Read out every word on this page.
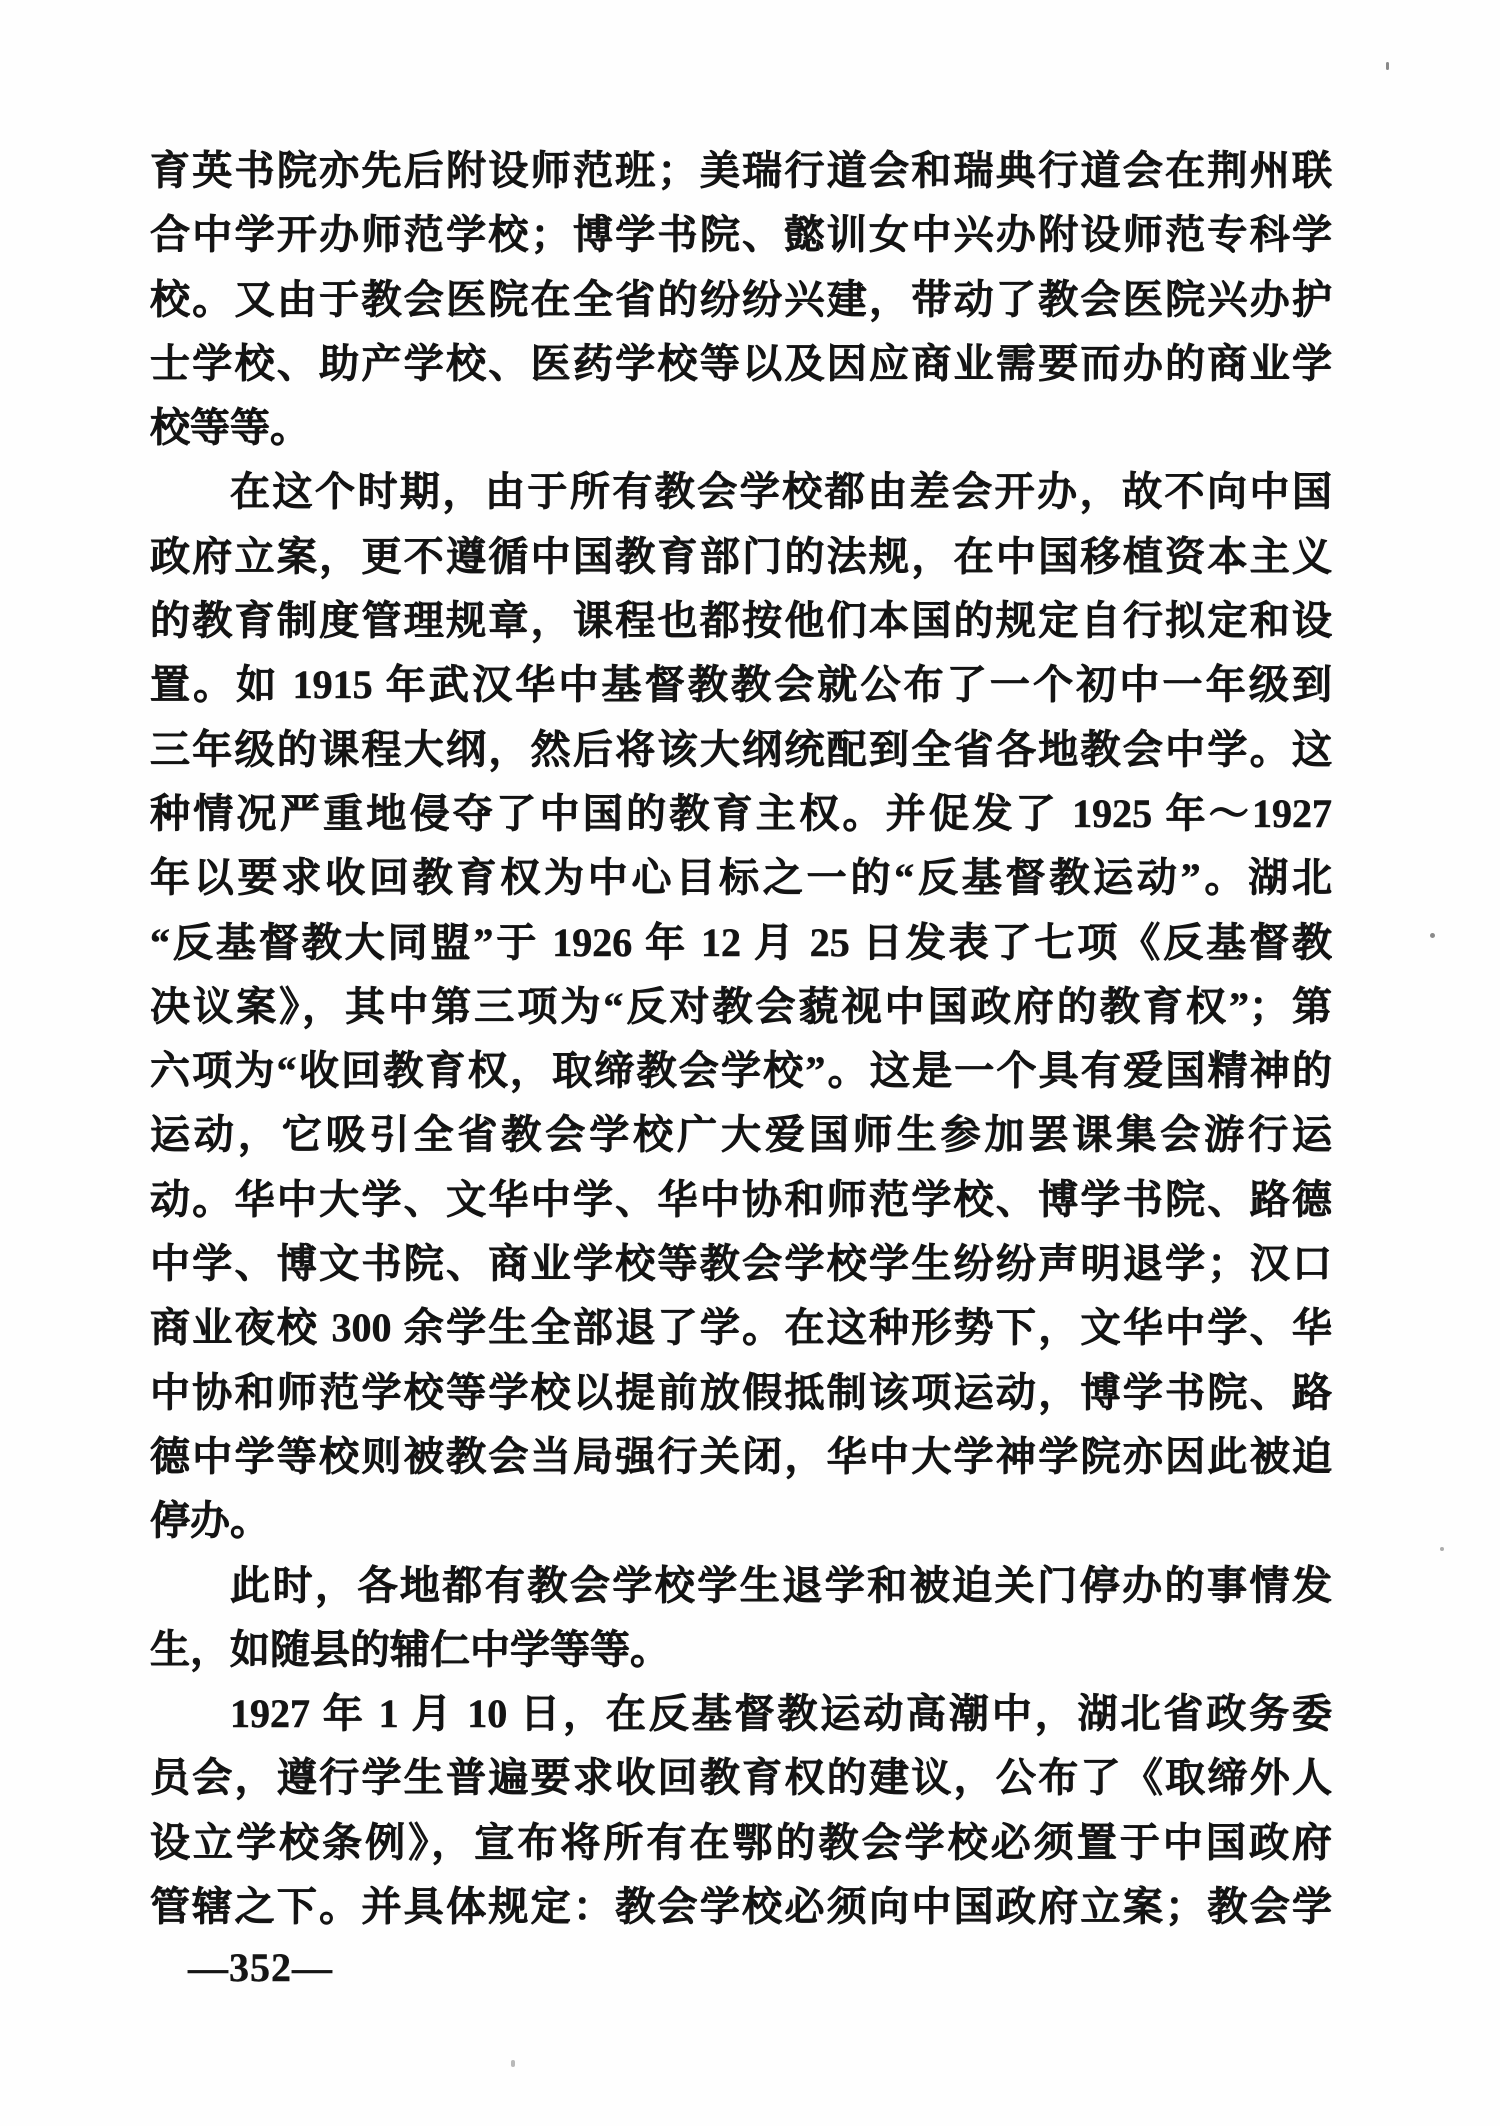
育英书院亦先后附设师范班；美瑞行道会和瑞典行道会在荆州联
合中学开办师范学校；博学书院、懿训女中兴办附设师范专科学
校。又由于教会医院在全省的纷纷兴建，带动了教会医院兴办护
士学校、助产学校、医药学校等以及因应商业需要而办的商业学
校等等。
在这个时期，由于所有教会学校都由差会开办，故不向中国
政府立案，更不遵循中国教育部门的法规，在中国移植资本主义
的教育制度管理规章，课程也都按他们本国的规定自行拟定和设
置。如 1915 年武汉华中基督教教会就公布了一个初中一年级到
三年级的课程大纲，然后将该大纲统配到全省各地教会中学。这
种情况严重地侵夺了中国的教育主权。并促发了 1925 年～1927
年以要求收回教育权为中心目标之一的“反基督教运动”。湖北
“反基督教大同盟”于 1926 年 12 月 25 日发表了七项《反基督教
决议案》，其中第三项为“反对教会藐视中国政府的教育权”；第
六项为“收回教育权，取缔教会学校”。这是一个具有爱国精神的
运动，它吸引全省教会学校广大爱国师生参加罢课集会游行运
动。华中大学、文华中学、华中协和师范学校、博学书院、路德
中学、博文书院、商业学校等教会学校学生纷纷声明退学；汉口
商业夜校 300 余学生全部退了学。在这种形势下，文华中学、华
中协和师范学校等学校以提前放假抵制该项运动，博学书院、路
德中学等校则被教会当局强行关闭，华中大学神学院亦因此被迫
停办。
此时，各地都有教会学校学生退学和被迫关门停办的事情发
生，如随县的辅仁中学等等。
1927 年 1 月 10 日，在反基督教运动高潮中，湖北省政务委
员会，遵行学生普遍要求收回教育权的建议，公布了《取缔外人
设立学校条例》，宣布将所有在鄂的教会学校必须置于中国政府
管辖之下。并具体规定：教会学校必须向中国政府立案；教会学
—352—
